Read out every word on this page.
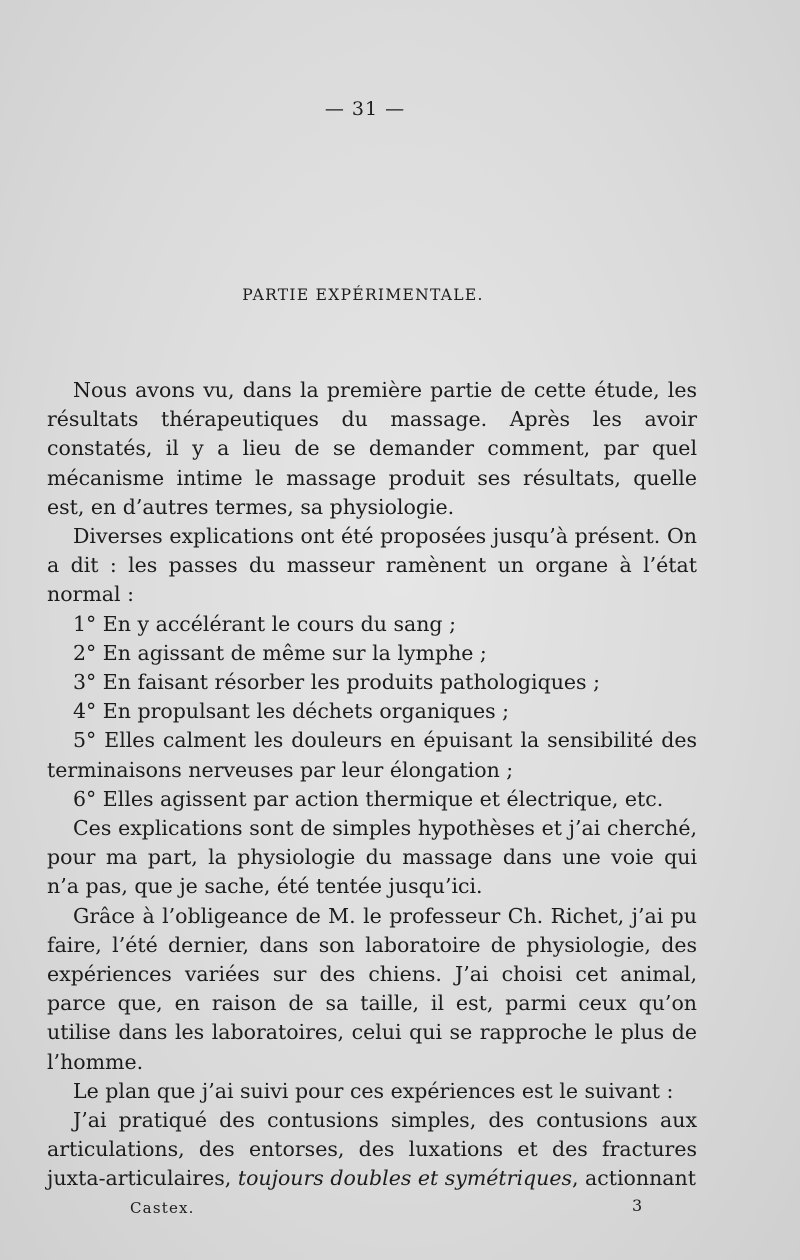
— 31 —
PARTIE EXPÉRIMENTALE.

Nous avons vu, dans la première partie de cette étude, les résultats thérapeutiques du massage. Après les avoir constatés, il y a lieu de se demander comment, par quel mécanisme intime le massage produit ses résultats, quelle est, en d’autres termes, sa physiologie.

Diverses explications ont été proposées jusqu’à présent. On a dit : les passes du masseur ramènent un organe à l’état normal :

1° En y accélérant le cours du sang ;

2° En agissant de même sur la lymphe ;

3° En faisant résorber les produits pathologiques ;

4° En propulsant les déchets organiques ;

5° Elles calment les douleurs en épuisant la sensibilité des terminaisons nerveuses par leur élongation ;

6° Elles agissent par action thermique et électrique, etc.

Ces explications sont de simples hypothèses et j’ai cherché, pour ma part, la physiologie du massage dans une voie qui n’a pas, que je sache, été tentée jusqu’ici.

Grâce à l’obligeance de M. le professeur Ch. Richet, j’ai pu faire, l’été dernier, dans son laboratoire de physiologie, des expériences variées sur des chiens. J’ai choisi cet animal, parce que, en raison de sa taille, il est, parmi ceux qu’on utilise dans les laboratoires, celui qui se rapproche le plus de l’homme.

Le plan que j’ai suivi pour ces expériences est le suivant :

J’ai pratiqué des contusions simples, des contusions aux articulations, des entorses, des luxations et des fractures juxta-articulaires, toujours doubles et symétriques, actionnant

Castex.	3
